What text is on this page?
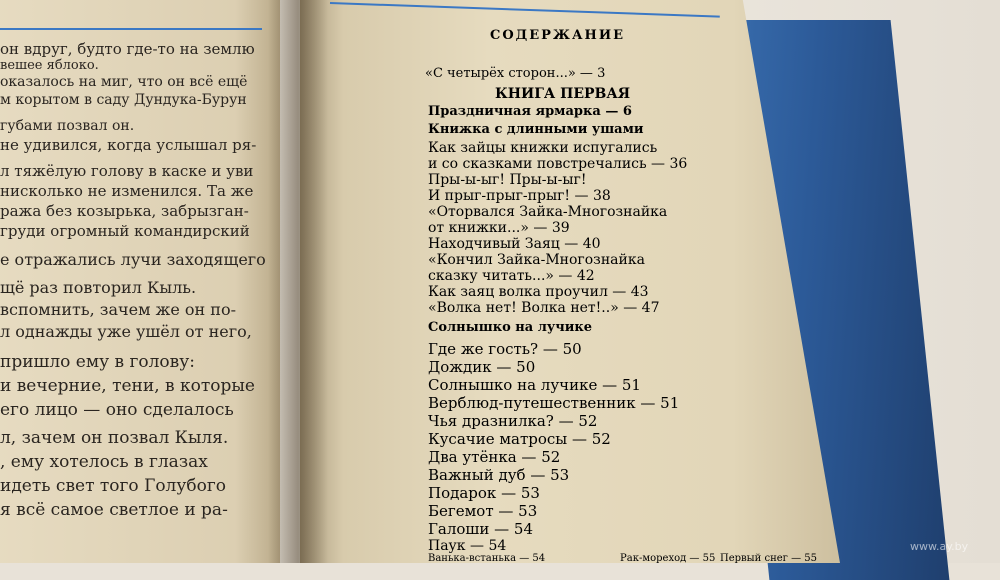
он вдруг, будто где-то на землю
вешее яблоко.
оказалось на миг, что он всё ещё
м корытом в саду Дундука-Бурун
губами позвал он.
не удивился, когда услышал ря-
л тяжёлую голову в каске и уви
нисколько не изменился. Та же
ража без козырька, забрызган-
груди огромный командирский
е отражались лучи заходящего
щё раз повторил Кыль.
вспомнить, зачем же он по-
л однажды уже ушёл от него,
пришло ему в голову:
и вечерние, тени, в которые
его лицо — оно сделалось
л, зачем он позвал Кыля.
, ему хотелось в глазах
идеть свет того Голубого
я всё самое светлое и ра-
СОДЕРЖАНИЕ
«С четырёх сторон...» — 3
КНИГА ПЕРВАЯ
Праздничная ярмарка — 6
Книжка с длинными ушами
Как зайцы книжки испугались
и со сказками повстречались — 36
Пры-ы-ыг! Пры-ы-ыг!
И прыг-прыг-прыг! — 38
«Оторвался Зайка-Многознайка
от книжки...» — 39
Находчивый Заяц — 40
«Кончил Зайка-Многознайка
сказку читать...» — 42
Как заяц волка проучил — 43
«Волка нет! Волка нет!..» — 47
Солнышко на лучике
Где же гость? — 50
Дождик — 50
Солнышко на лучике — 51
Верблюд-путешественник — 51
Чья дразнилка? — 52
Кусачие матросы — 52
Два утёнка — 52
Важный дуб — 53
Подарок — 53
Бегемот — 53
Галоши — 54
Паук — 54
Ванька-встанька — 54	Рак-мореход — 55 Первый снег — 55
www.ay.by
